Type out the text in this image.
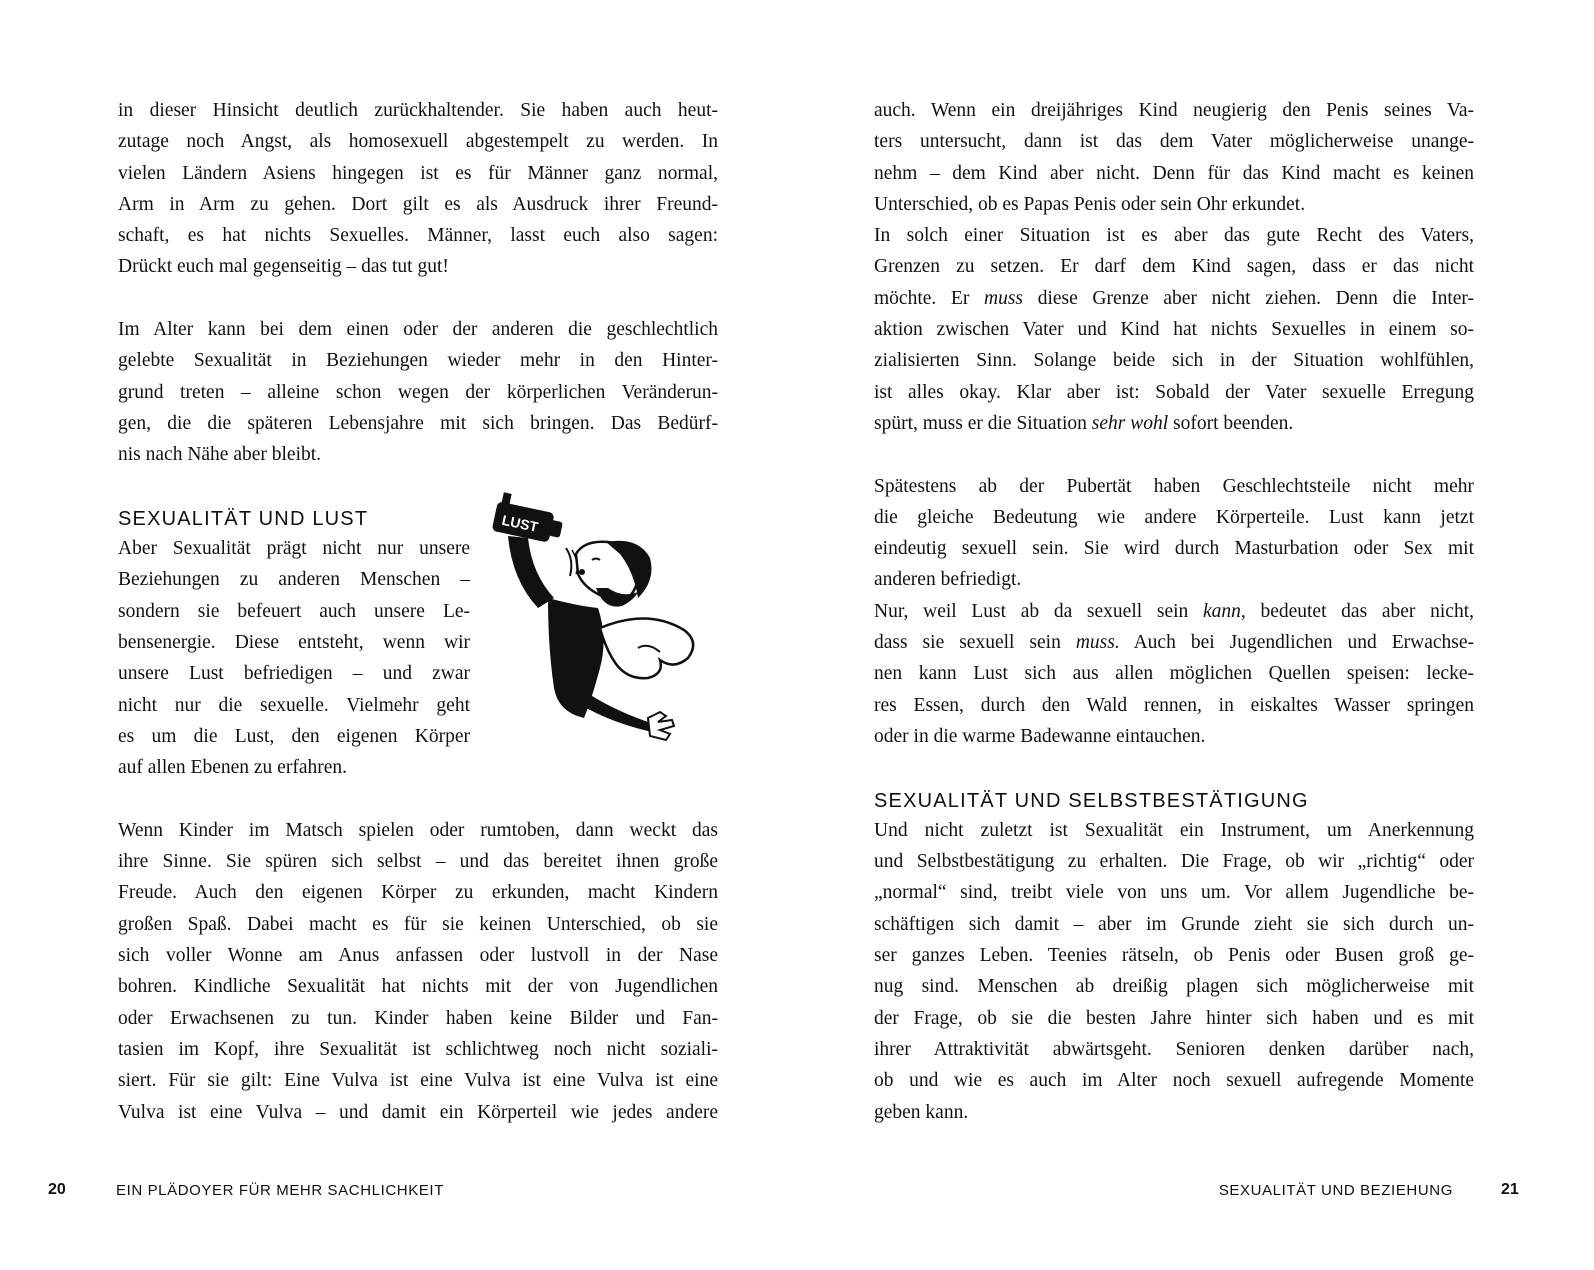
in dieser Hinsicht deutlich zurückhaltender. Sie haben auch heut-
zutage noch Angst, als homosexuell abgestempelt zu werden. In
vielen Ländern Asiens hingegen ist es für Männer ganz normal,
Arm in Arm zu gehen. Dort gilt es als Ausdruck ihrer Freund-
schaft, es hat nichts Sexuelles. Männer, lasst euch also sagen:
Drückt euch mal gegenseitig – das tut gut!
Im Alter kann bei dem einen oder der anderen die geschlechtlich
gelebte Sexualität in Beziehungen wieder mehr in den Hinter-
grund treten – alleine schon wegen der körperlichen Veränderun-
gen, die die späteren Lebensjahre mit sich bringen. Das Bedürf-
nis nach Nähe aber bleibt.
SEXUALITÄT UND LUST
Aber Sexualität prägt nicht nur unsere
Beziehungen zu anderen Menschen –
sondern sie befeuert auch unsere Le-
bensenergie. Diese entsteht, wenn wir
unsere Lust befriedigen – und zwar
nicht nur die sexuelle. Vielmehr geht
es um die Lust, den eigenen Körper
auf allen Ebenen zu erfahren.
Wenn Kinder im Matsch spielen oder rumtoben, dann weckt das
ihre Sinne. Sie spüren sich selbst – und das bereitet ihnen große
Freude. Auch den eigenen Körper zu erkunden, macht Kindern
großen Spaß. Dabei macht es für sie keinen Unterschied, ob sie
sich voller Wonne am Anus anfassen oder lustvoll in der Nase
bohren. Kindliche Sexualität hat nichts mit der von Jugendlichen
oder Erwachsenen zu tun. Kinder haben keine Bilder und Fan-
tasien im Kopf, ihre Sexualität ist schlichtweg noch nicht soziali-
siert. Für sie gilt: Eine Vulva ist eine Vulva ist eine Vulva ist eine
Vulva ist eine Vulva – und damit ein Körperteil wie jedes andere
LUST
20	EIN PLÄDOYER FÜR MEHR SACHLICHKEIT
auch. Wenn ein dreijähriges Kind neugierig den Penis seines Va-
ters untersucht, dann ist das dem Vater möglicherweise unange-
nehm – dem Kind aber nicht. Denn für das Kind macht es keinen
Unterschied, ob es Papas Penis oder sein Ohr erkundet.
In solch einer Situation ist es aber das gute Recht des Vaters,
Grenzen zu setzen. Er darf dem Kind sagen, dass er das nicht
möchte. Er muss diese Grenze aber nicht ziehen. Denn die Inter-
aktion zwischen Vater und Kind hat nichts Sexuelles in einem so-
zialisierten Sinn. Solange beide sich in der Situation wohlfühlen,
ist alles okay. Klar aber ist: Sobald der Vater sexuelle Erregung
spürt, muss er die Situation sehr wohl sofort beenden.
Spätestens ab der Pubertät haben Geschlechtsteile nicht mehr
die gleiche Bedeutung wie andere Körperteile. Lust kann jetzt
eindeutig sexuell sein. Sie wird durch Masturbation oder Sex mit
anderen befriedigt.
Nur, weil Lust ab da sexuell sein kann, bedeutet das aber nicht,
dass sie sexuell sein muss. Auch bei Jugendlichen und Erwachse-
nen kann Lust sich aus allen möglichen Quellen speisen: lecke-
res Essen, durch den Wald rennen, in eiskaltes Wasser springen
oder in die warme Badewanne eintauchen.
SEXUALITÄT UND SELBSTBESTÄTIGUNG
Und nicht zuletzt ist Sexualität ein Instrument, um Anerkennung
und Selbstbestätigung zu erhalten. Die Frage, ob wir „richtig“ oder
„normal“ sind, treibt viele von uns um. Vor allem Jugendliche be-
schäftigen sich damit – aber im Grunde zieht sie sich durch un-
ser ganzes Leben. Teenies rätseln, ob Penis oder Busen groß ge-
nug sind. Menschen ab dreißig plagen sich möglicherweise mit
der Frage, ob sie die besten Jahre hinter sich haben und es mit
ihrer Attraktivität abwärtsgeht. Senioren denken darüber nach,
ob und wie es auch im Alter noch sexuell aufregende Momente
geben kann.
SEXUALITÄT UND BEZIEHUNG	21
